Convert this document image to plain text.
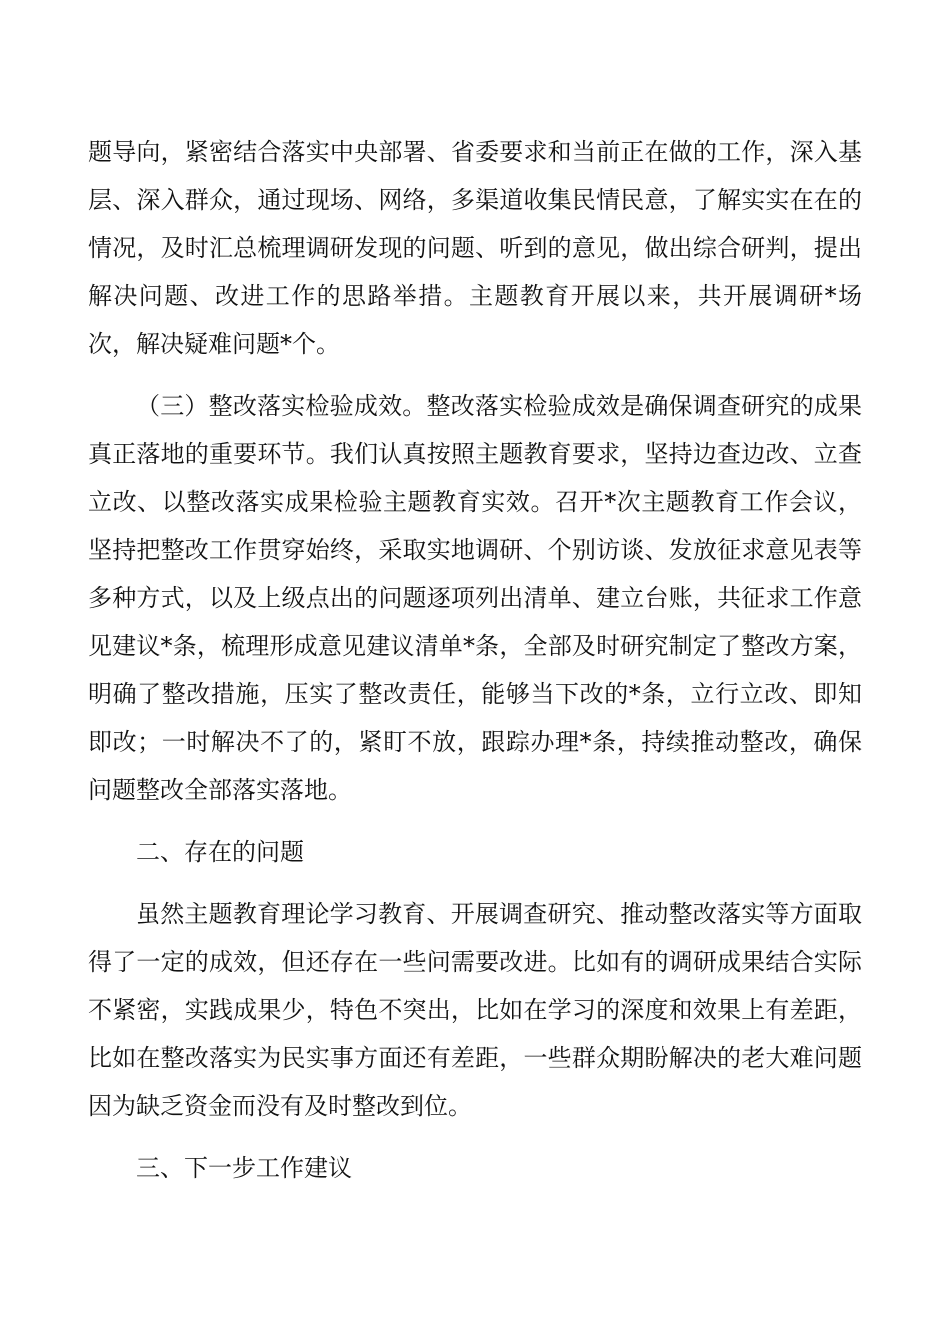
题导向，紧密结合落实中央部署、省委要求和当前正在做的工作，深入基
层、深入群众，通过现场、网络，多渠道收集民情民意，了解实实在在的
情况，及时汇总梳理调研发现的问题、听到的意见，做出综合研判，提出
解决问题、改进工作的思路举措。主题教育开展以来，共开展调研*场
次，解决疑难问题*个。
（三）整改落实检验成效。整改落实检验成效是确保调查研究的成果
真正落地的重要环节。我们认真按照主题教育要求，坚持边查边改、立查
立改、以整改落实成果检验主题教育实效。召开*次主题教育工作会议，
坚持把整改工作贯穿始终，采取实地调研、个别访谈、发放征求意见表等
多种方式，以及上级点出的问题逐项列出清单、建立台账，共征求工作意
见建议*条，梳理形成意见建议清单*条，全部及时研究制定了整改方案，
明确了整改措施，压实了整改责任，能够当下改的*条，立行立改、即知
即改；一时解决不了的，紧盯不放，跟踪办理*条，持续推动整改，确保
问题整改全部落实落地。
二、存在的问题
虽然主题教育理论学习教育、开展调查研究、推动整改落实等方面取
得了一定的成效，但还存在一些问需要改进。比如有的调研成果结合实际
不紧密，实践成果少，特色不突出，比如在学习的深度和效果上有差距，
比如在整改落实为民实事方面还有差距，一些群众期盼解决的老大难问题
因为缺乏资金而没有及时整改到位。
三、下一步工作建议
